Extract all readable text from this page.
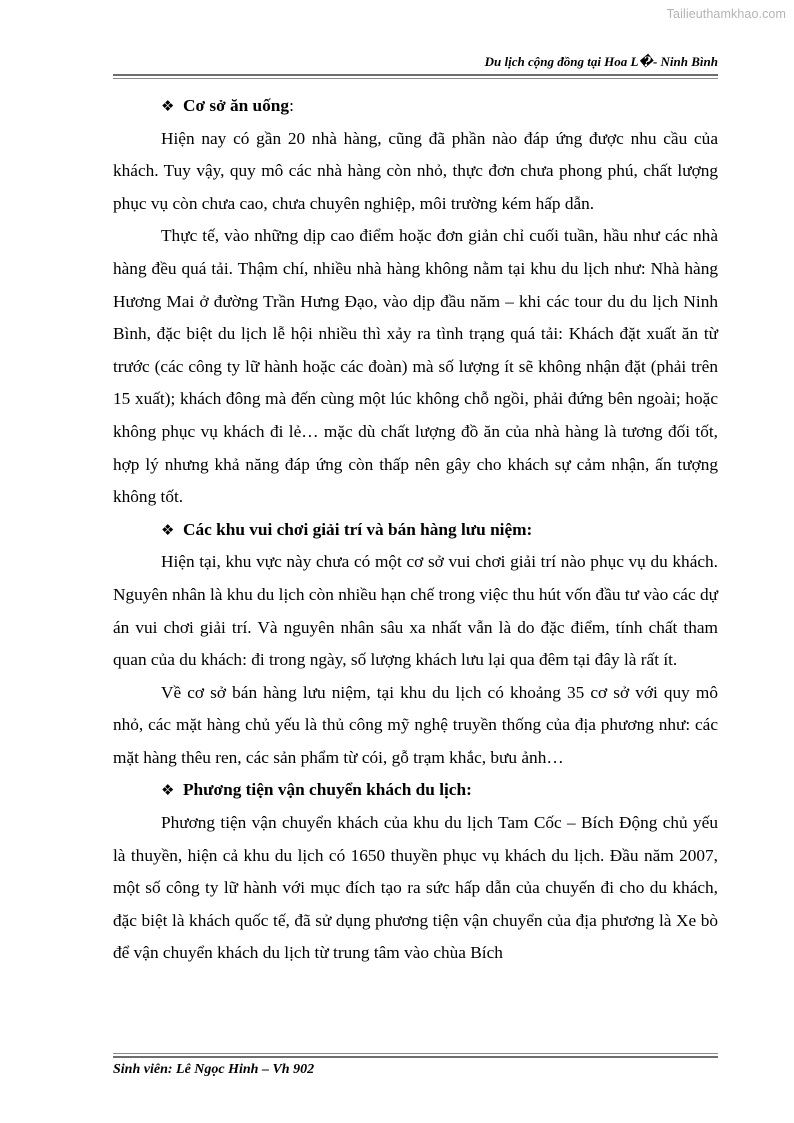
Tailieuthamkhao.com
Du lịch cộng đồng tại Hoa L�- Ninh Bình

❖ Cơ sở ăn uống:

Hiện nay có gần 20 nhà hàng, cũng đã phần nào đáp ứng được nhu cầu của khách. Tuy vậy, quy mô các nhà hàng còn nhỏ, thực đơn chưa phong phú, chất lượng phục vụ còn chưa cao, chưa chuyên nghiệp, môi trường kém hấp dẫn.

Thực tế, vào những dịp cao điểm hoặc đơn giản chỉ cuối tuần, hầu như các nhà hàng đều quá tải. Thậm chí, nhiều nhà hàng không nằm tại khu du lịch như: Nhà hàng Hương Mai ở đường Trần Hưng Đạo, vào dịp đầu năm – khi các tour du du lịch Ninh Bình, đặc biệt du lịch lễ hội nhiều thì xảy ra tình trạng quá tải: Khách đặt xuất ăn từ trước (các công ty lữ hành hoặc các đoàn) mà số lượng ít sẽ không nhận đặt (phải trên 15 xuất); khách đông mà đến cùng một lúc không chỗ ngồi, phải đứng bên ngoài; hoặc không phục vụ khách đi lẻ… mặc dù chất lượng đồ ăn của nhà hàng là tương đối tốt, hợp lý nhưng khả năng đáp ứng còn thấp nên gây cho khách sự cảm nhận, ấn tượng không tốt.

❖ Các khu vui chơi giải trí và bán hàng lưu niệm:

Hiện tại, khu vực này chưa có một cơ sở vui chơi giải trí nào phục vụ du khách. Nguyên nhân là khu du lịch còn nhiều hạn chế trong việc thu hút vốn đầu tư vào các dự án vui chơi giải trí. Và nguyên nhân sâu xa nhất vẫn là do đặc điểm, tính chất tham quan của du khách: đi trong ngày, số lượng khách lưu lại qua đêm tại đây là rất ít.

Về cơ sở bán hàng lưu niệm, tại khu du lịch có khoảng 35 cơ sở với quy mô nhỏ, các mặt hàng chủ yếu là thủ công mỹ nghệ truyền thống của địa phương như: các mặt hàng thêu ren, các sản phẩm từ cói, gỗ trạm khắc, bưu ảnh…

❖ Phương tiện vận chuyển khách du lịch:

Phương tiện vận chuyển khách của khu du lịch Tam Cốc – Bích Động chủ yếu là thuyền, hiện cả khu du lịch có 1650 thuyền phục vụ khách du lịch. Đầu năm 2007, một số công ty lữ hành với mục đích tạo ra sức hấp dẫn của chuyến đi cho du khách, đặc biệt là khách quốc tế, đã sử dụng phương tiện vận chuyển của địa phương là Xe bò để vận chuyển khách du lịch từ trung tâm vào chùa Bích

Sinh viên: Lê Ngọc Hinh – Vh 902
